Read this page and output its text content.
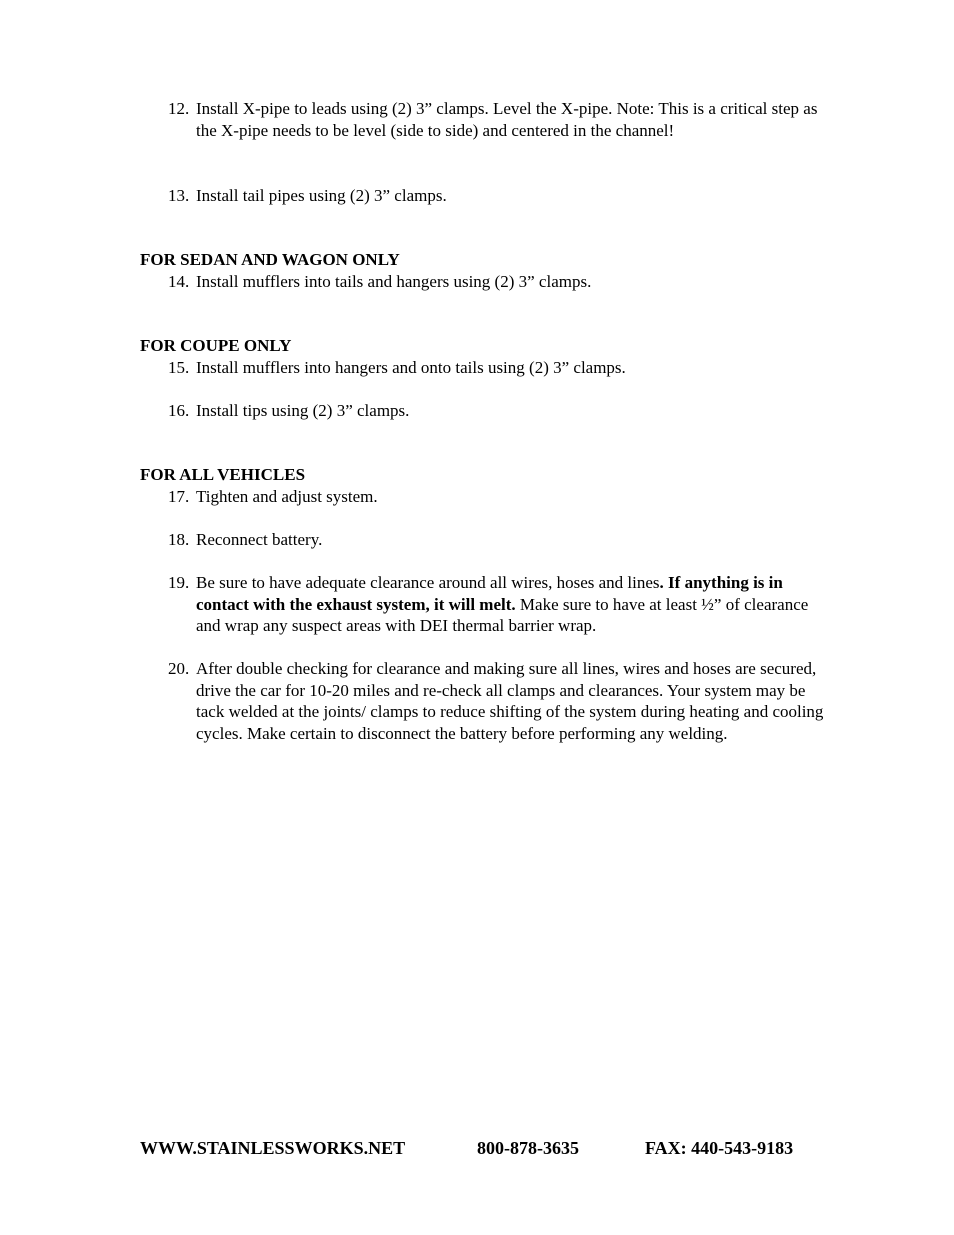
12. Install X-pipe to leads using (2) 3” clamps. Level the X-pipe. Note: This is a critical step as the X-pipe needs to be level (side to side) and centered in the channel!
13. Install tail pipes using (2) 3” clamps.
FOR SEDAN AND WAGON ONLY
14. Install mufflers into tails and hangers using (2) 3” clamps.
FOR COUPE ONLY
15. Install mufflers into hangers and onto tails using (2) 3” clamps.
16. Install tips using (2) 3” clamps.
FOR ALL VEHICLES
17. Tighten and adjust system.
18. Reconnect battery.
19. Be sure to have adequate clearance around all wires, hoses and lines. If anything is in contact with the exhaust system, it will melt. Make sure to have at least ½” of clearance and wrap any suspect areas with DEI thermal barrier wrap.
20. After double checking for clearance and making sure all lines, wires and hoses are secured, drive the car for 10-20 miles and re-check all clamps and clearances. Your system may be tack welded at the joints/ clamps to reduce shifting of the system during heating and cooling cycles. Make certain to disconnect the battery before performing any welding.
WWW.STAINLESSWORKS.NET	800-878-3635	FAX: 440-543-9183
